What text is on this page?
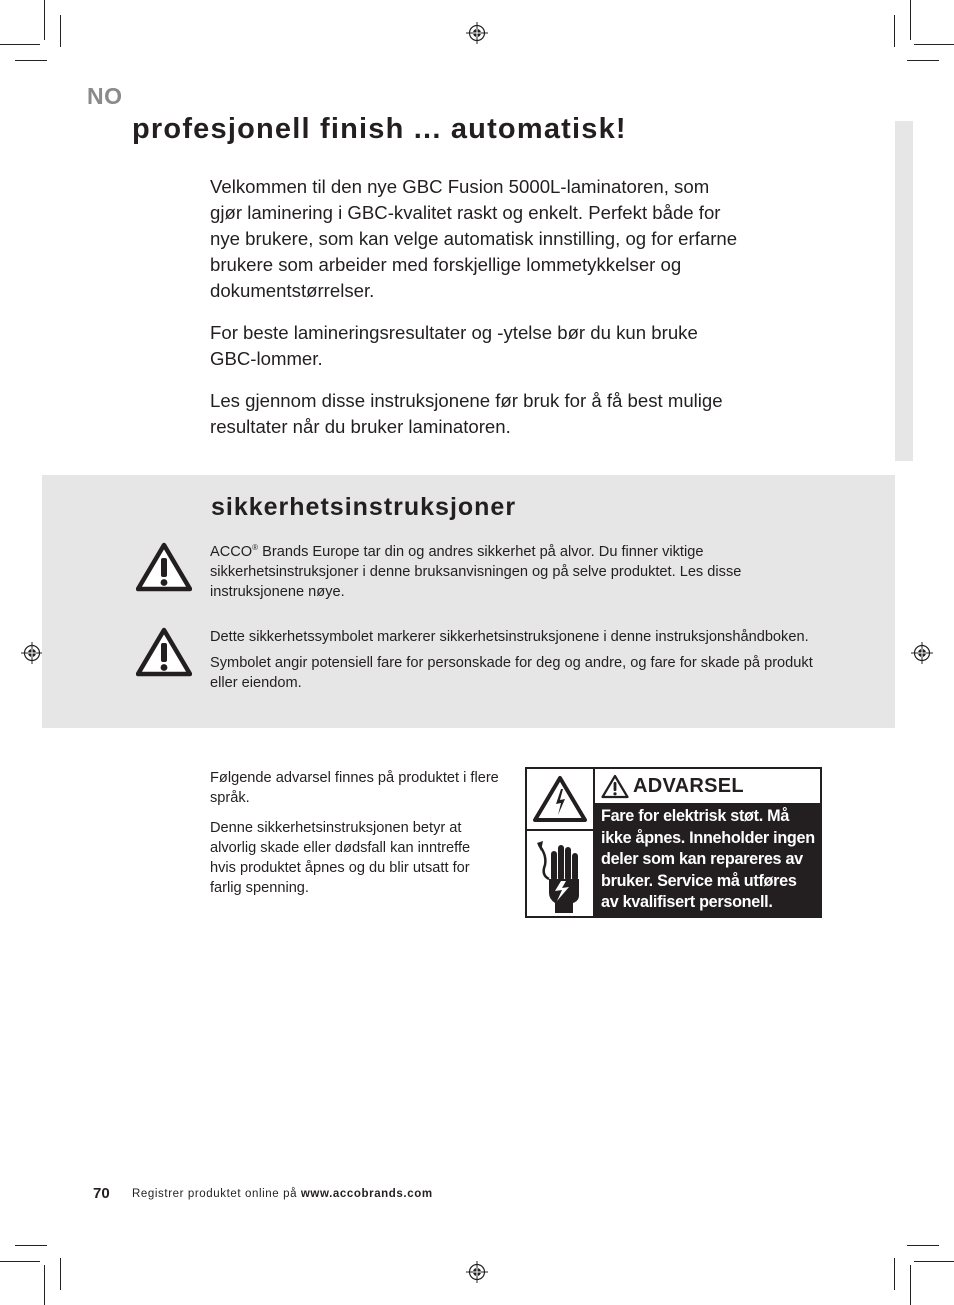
NO
profesjonell finish ... automatisk!

Velkommen til den nye GBC Fusion 5000L-laminatoren, som gjør laminering i GBC-kvalitet raskt og enkelt. Perfekt både for nye brukere, som kan velge automatisk innstilling, og for erfarne brukere som arbeider med forskjellige lommetykkelser og dokumentstørrelser.

For beste lamineringsresultater og -ytelse bør du kun bruke GBC-lommer.

Les gjennom disse instruksjonene før bruk for å få best mulige resultater når du bruker laminatoren.

sikkerhetsinstruksjoner

ACCO® Brands Europe tar din og andres sikkerhet på alvor. Du finner viktige sikkerhetsinstruksjoner i denne bruksanvisningen og på selve produktet. Les disse instruksjonene nøye.

Dette sikkerhetssymbolet markerer sikkerhetsinstruksjonene i denne instruksjonshåndboken.

Symbolet angir potensiell fare for personskade for deg og andre, og fare for skade på produkt eller eiendom.

Følgende advarsel finnes på produktet i flere språk.

Denne sikkerhetsinstruksjonen betyr at alvorlig skade eller dødsfall kan inntreffe hvis produktet åpnes og du blir utsatt for farlig spenning.

ADVARSEL
Fare for elektrisk støt. Må ikke åpnes. Inneholder ingen deler som kan repareres av bruker. Service må utføres av kvalifisert personell.
70 Registrer produktet online på www.accobrands.com
